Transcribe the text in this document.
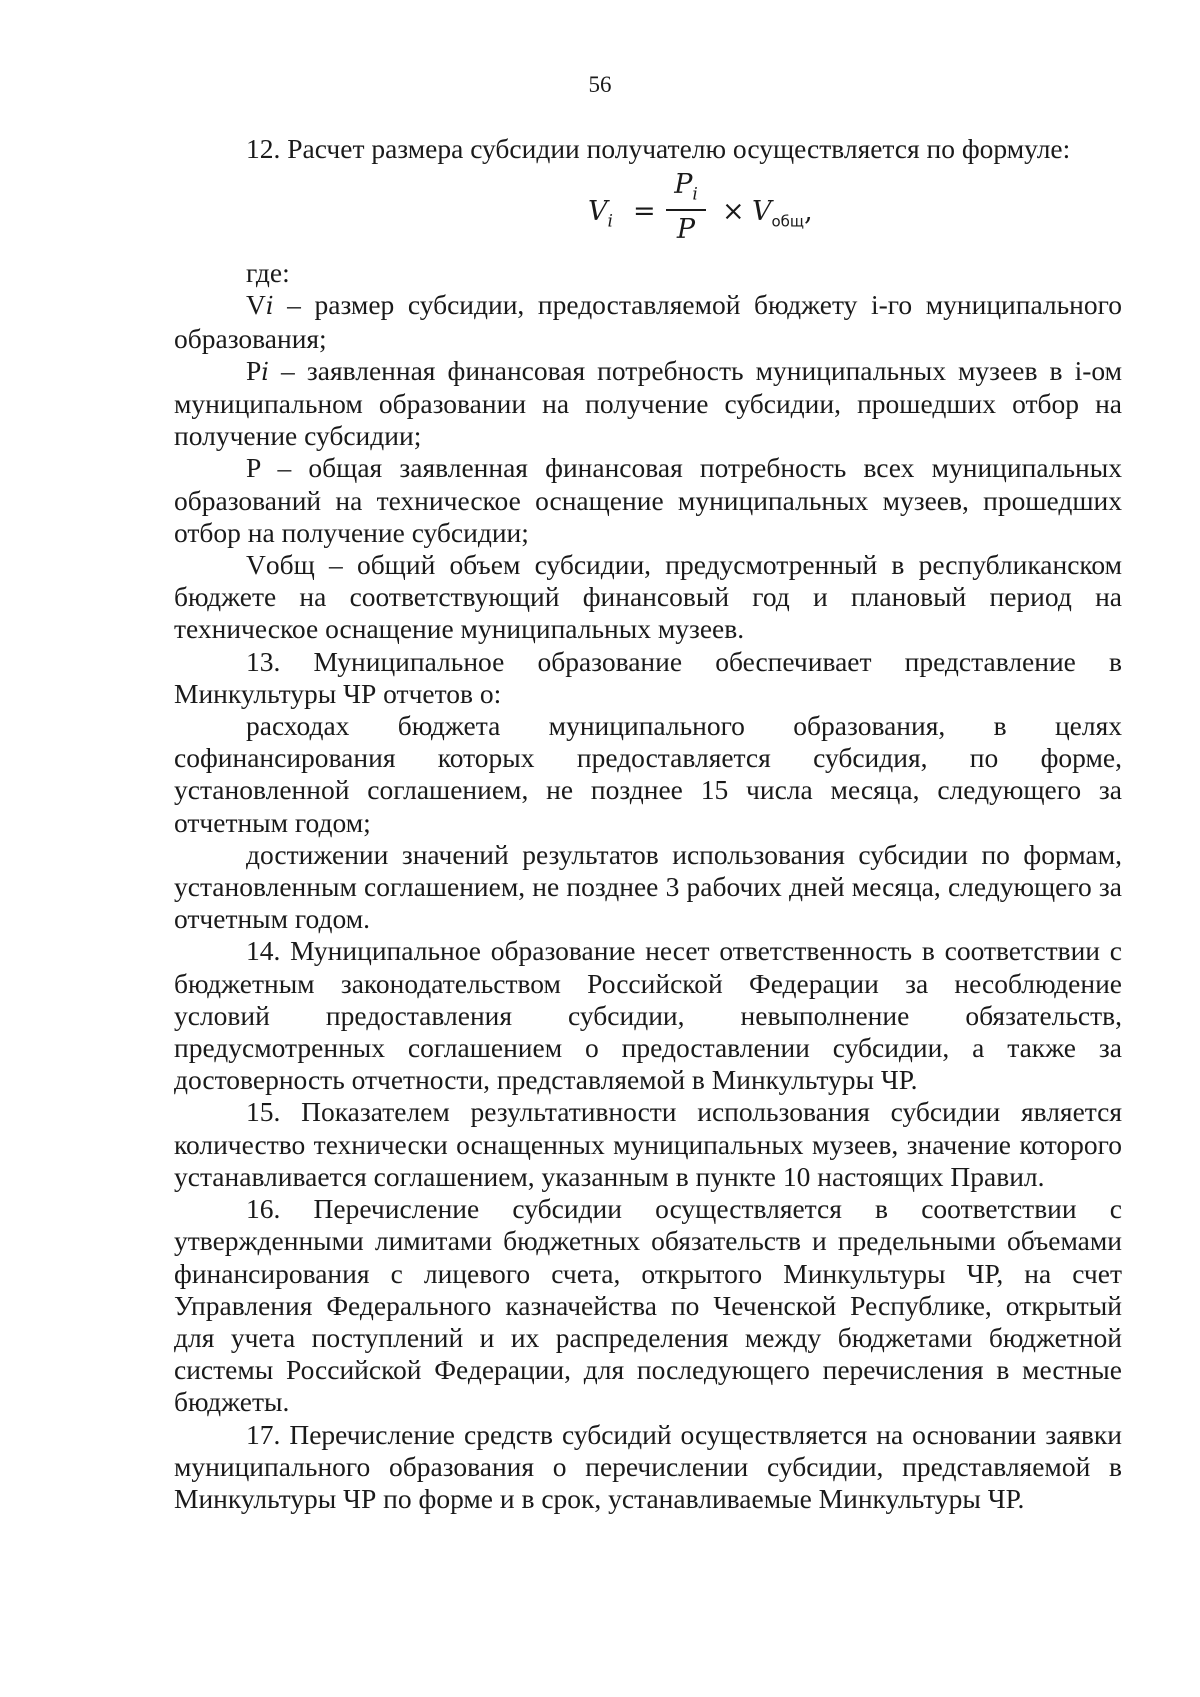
56

12. Расчет размера субсидии получателю осуществляется по формуле:

$V_i$ =
$P_i$
P
× $V_{общ}$,

где:

Vi – размер субсидии, предоставляемой бюджету i-го муниципального образования;

Pi – заявленная финансовая потребность муниципальных музеев в i-ом муниципальном образовании на получение субсидии, прошедших отбор на получение субсидии;

P – общая заявленная финансовая потребность всех муниципальных образований на техническое оснащение муниципальных музеев, прошедших отбор на получение субсидии;

Vобщ – общий объем субсидии, предусмотренный в республиканском бюджете на соответствующий финансовый год и плановый период на техническое оснащение муниципальных музеев.

13. Муниципальное образование обеспечивает представление в Минкультуры ЧР отчетов о:

расходах бюджета муниципального образования, в целях софинансирования которых предоставляется субсидия, по форме, установленной соглашением, не позднее 15 числа месяца, следующего за отчетным годом;

достижении значений результатов использования субсидии по формам, установленным соглашением, не позднее 3 рабочих дней месяца, следующего за отчетным годом.

14. Муниципальное образование несет ответственность в соответствии с бюджетным законодательством Российской Федерации за несоблюдение условий предоставления субсидии, невыполнение обязательств, предусмотренных соглашением о предоставлении субсидии, а также за достоверность отчетности, представляемой в Минкультуры ЧР.

15. Показателем результативности использования субсидии является количество технически оснащенных муниципальных музеев, значение которого устанавливается соглашением, указанным в пункте 10 настоящих Правил.

16. Перечисление субсидии осуществляется в соответствии с утвержденными лимитами бюджетных обязательств и предельными объемами финансирования с лицевого счета, открытого Минкультуры ЧР, на счет Управления Федерального казначейства по Чеченской Республике, открытый для учета поступлений и их распределения между бюджетами бюджетной системы Российской Федерации, для последующего перечисления в местные бюджеты.

17. Перечисление средств субсидий осуществляется на основании заявки муниципального образования о перечислении субсидии, представляемой в Минкультуры ЧР по форме и в срок, устанавливаемые Минкультуры ЧР.
